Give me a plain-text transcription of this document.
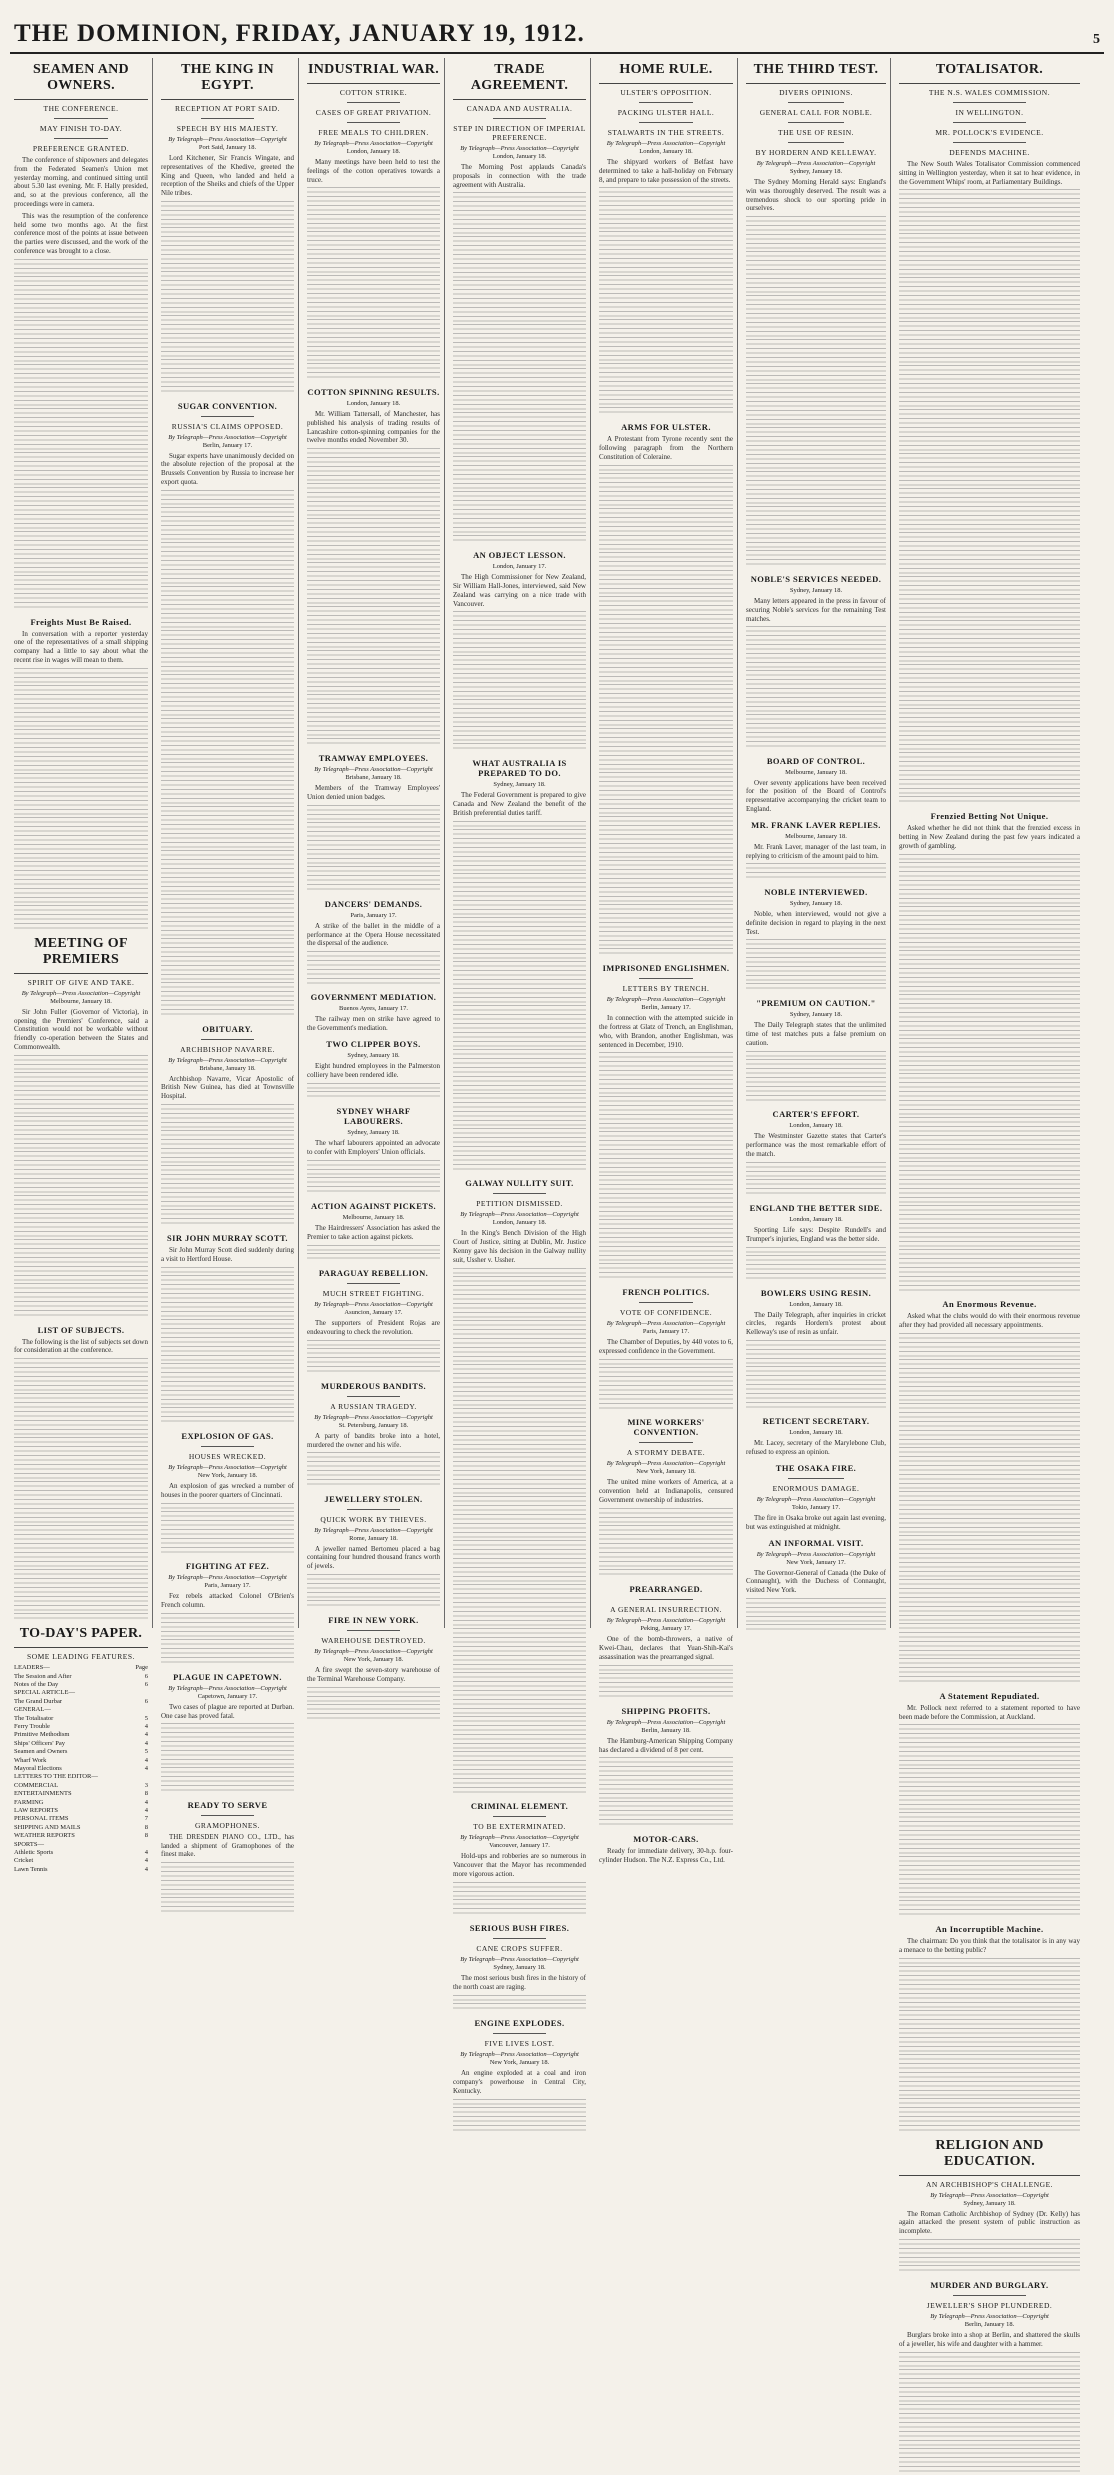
THE DOMINION, FRIDAY, JANUARY 19, 1912.	5
SEAMEN AND OWNERS.
THE CONFERENCE.
MAY FINISH TO-DAY.
PREFERENCE GRANTED.

The conference of shipowners and delegates from the Federated Seamen's Union met yesterday morning, and continued sitting until about 5.30 last evening. Mr. F. Hally presided, and, so at the previous conference, all the proceedings were in camera.

This was the resumption of the conference held some two months ago. At the first conference most of the points at issue between the parties were discussed, and the work of the conference was brought to a close.

Freights Must Be Raised.

In conversation with a reporter yesterday one of the representatives of a small shipping company had a little to say about what the recent rise in wages will mean to them.

MEETING OF PREMIERS
SPIRIT OF GIVE AND TAKE.
By Telegraph—Press Association—Copyright
Melbourne, January 18.

Sir John Fuller (Governor of Victoria), in opening the Premiers' Conference, said a Constitution would not be workable without friendly co-operation between the States and Commonwealth.

LIST OF SUBJECTS.

The following is the list of subjects set down for consideration at the conference.

TO-DAY'S PAPER.
SOME LEADING FEATURES.
LEADERS—	Page
The Session and After	6
Notes of the Day	6
SPECIAL ARTICLE—
The Grand Durbar	6
GENERAL—
The Totalisator	5
Ferry Trouble	4
Primitive Methodism	4
Ships' Officers' Pay	4
Seamen and Owners	5
Wharf Work	4
Mayoral Elections	4
LETTERS TO THE EDITOR—
COMMERCIAL	3
ENTERTAINMENTS	8
FARMING	4
LAW REPORTS	4
PERSONAL ITEMS	7
SHIPPING AND MAILS	8
WEATHER REPORTS	8
SPORTS—
Athletic Sports	4
Cricket	4
Lawn Tennis	4
THE KING IN EGYPT.
RECEPTION AT PORT SAID.
SPEECH BY HIS MAJESTY.
By Telegraph—Press Association—Copyright
Port Said, January 18.

Lord Kitchener, Sir Francis Wingate, and representatives of the Khedive, greeted the King and Queen, who landed and held a reception of the Sheiks and chiefs of the Upper Nile tribes.

SUGAR CONVENTION.
RUSSIA'S CLAIMS OPPOSED.
By Telegraph—Press Association—Copyright
Berlin, January 17.

Sugar experts have unanimously decided on the absolute rejection of the proposal at the Brussels Convention by Russia to increase her export quota.

OBITUARY.
ARCHBISHOP NAVARRE.
By Telegraph—Press Association—Copyright
Brisbane, January 18.

Archbishop Navarre, Vicar Apostolic of British New Guinea, has died at Townsville Hospital.

SIR JOHN MURRAY SCOTT.

Sir John Murray Scott died suddenly during a visit to Hertford House.

EXPLOSION OF GAS.
HOUSES WRECKED.
By Telegraph—Press Association—Copyright
New York, January 18.

An explosion of gas wrecked a number of houses in the poorer quarters of Cincinnati.

FIGHTING AT FEZ.
By Telegraph—Press Association—Copyright
Paris, January 17.

Fez rebels attacked Colonel O'Brien's French column.

PLAGUE IN CAPETOWN.
By Telegraph—Press Association—Copyright
Capetown, January 17.

Two cases of plague are reported at Durban. One case has proved fatal.

READY TO SERVE
GRAMOPHONES.

THE DRESDEN PIANO CO., LTD., has landed a shipment of Gramophones of the finest make.

INDUSTRIAL WAR.
COTTON STRIKE.
CASES OF GREAT PRIVATION.
FREE MEALS TO CHILDREN.
By Telegraph—Press Association—Copyright
London, January 18.

Many meetings have been held to test the feelings of the cotton operatives towards a truce.

COTTON SPINNING RESULTS.
London, January 18.

Mr. William Tattersall, of Manchester, has published his analysis of trading results of Lancashire cotton-spinning companies for the twelve months ended November 30.

TRAMWAY EMPLOYEES.
By Telegraph—Press Association—Copyright
Brisbane, January 18.

Members of the Tramway Employees' Union denied union badges.

DANCERS' DEMANDS.
Paris, January 17.

A strike of the ballet in the middle of a performance at the Opera House necessitated the dispersal of the audience.

GOVERNMENT MEDIATION.
Buenos Ayres, January 17.

The railway men on strike have agreed to the Government's mediation.

TWO CLIPPER BOYS.
Sydney, January 18.

Eight hundred employees in the Palmerston colliery have been rendered idle.

SYDNEY WHARF LABOURERS.
Sydney, January 18.

The wharf labourers appointed an advocate to confer with Employers' Union officials.

ACTION AGAINST PICKETS.
Melbourne, January 18.

The Hairdressers' Association has asked the Premier to take action against pickets.

PARAGUAY REBELLION.
MUCH STREET FIGHTING.
By Telegraph—Press Association—Copyright
Asuncion, January 17.

The supporters of President Rojas are endeavouring to check the revolution.

MURDEROUS BANDITS.
A RUSSIAN TRAGEDY.
By Telegraph—Press Association—Copyright
St. Petersburg, January 18.

A party of bandits broke into a hotel, murdered the owner and his wife.

JEWELLERY STOLEN.
QUICK WORK BY THIEVES.
By Telegraph—Press Association—Copyright
Rome, January 18.

A jeweller named Bertomeu placed a bag containing four hundred thousand francs worth of jewels.

FIRE IN NEW YORK.
WAREHOUSE DESTROYED.
By Telegraph—Press Association—Copyright
New York, January 18.

A fire swept the seven-story warehouse of the Terminal Warehouse Company.

TRADE AGREEMENT.
CANADA AND AUSTRALIA.
STEP IN DIRECTION OF IMPERIAL PREFERENCE.
By Telegraph—Press Association—Copyright
London, January 18.

The Morning Post applauds Canada's proposals in connection with the trade agreement with Australia.

AN OBJECT LESSON.
London, January 17.

The High Commissioner for New Zealand, Sir William Hall-Jones, interviewed, said New Zealand was carrying on a nice trade with Vancouver.

WHAT AUSTRALIA IS PREPARED TO DO.
Sydney, January 18.

The Federal Government is prepared to give Canada and New Zealand the benefit of the British preferential duties tariff.

GALWAY NULLITY SUIT.
PETITION DISMISSED.
By Telegraph—Press Association—Copyright
London, January 18.

In the King's Bench Division of the High Court of Justice, sitting at Dublin, Mr. Justice Kenny gave his decision in the Galway nullity suit, Ussher v. Ussher.

CRIMINAL ELEMENT.
TO BE EXTERMINATED.
By Telegraph—Press Association—Copyright
Vancouver, January 17.

Hold-ups and robberies are so numerous in Vancouver that the Mayor has recommended more vigorous action.

SERIOUS BUSH FIRES.
CANE CROPS SUFFER.
By Telegraph—Press Association—Copyright
Sydney, January 18.

The most serious bush fires in the history of the north coast are raging.

ENGINE EXPLODES.
FIVE LIVES LOST.
By Telegraph—Press Association—Copyright
New York, January 18.

An engine exploded at a coal and iron company's powerhouse in Central City, Kentucky.

HOME RULE.
ULSTER'S OPPOSITION.
PACKING ULSTER HALL.
STALWARTS IN THE STREETS.
By Telegraph—Press Association—Copyright
London, January 18.

The shipyard workers of Belfast have determined to take a hall-holiday on February 8, and prepare to take possession of the streets.

ARMS FOR ULSTER.

A Protestant from Tyrone recently sent the following paragraph from the Northern Constitution of Coleraine.

IMPRISONED ENGLISHMEN.
LETTERS BY TRENCH.
By Telegraph—Press Association—Copyright
Berlin, January 17.

In connection with the attempted suicide in the fortress at Glatz of Trench, an Englishman, who, with Brandon, another Englishman, was sentenced in December, 1910.

FRENCH POLITICS.
VOTE OF CONFIDENCE.
By Telegraph—Press Association—Copyright
Paris, January 17.

The Chamber of Deputies, by 440 votes to 6, expressed confidence in the Government.

MINE WORKERS' CONVENTION.
A STORMY DEBATE.
By Telegraph—Press Association—Copyright
New York, January 18.

The united mine workers of America, at a convention held at Indianapolis, censured Government ownership of industries.

PREARRANGED.
A GENERAL INSURRECTION.
By Telegraph—Press Association—Copyright
Peking, January 17.

One of the bomb-throwers, a native of Kwei-Chau, declares that Yuan-Shih-Kai's assassination was the prearranged signal.

SHIPPING PROFITS.
By Telegraph—Press Association—Copyright
Berlin, January 18.

The Hamburg-American Shipping Company has declared a dividend of 8 per cent.

MOTOR-CARS.

Ready for immediate delivery, 30-h.p. four-cylinder Hudson. The N.Z. Express Co., Ltd.

THE THIRD TEST.
DIVERS OPINIONS.
GENERAL CALL FOR NOBLE.
THE USE OF RESIN.
BY HORDERN AND KELLEWAY.
By Telegraph—Press Association—Copyright
Sydney, January 18.

The Sydney Morning Herald says: England's win was thoroughly deserved. The result was a tremendous shock to our sporting pride in ourselves.

NOBLE'S SERVICES NEEDED.
Sydney, January 18.

Many letters appeared in the press in favour of securing Noble's services for the remaining Test matches.

BOARD OF CONTROL.
Melbourne, January 18.

Over seventy applications have been received for the position of the Board of Control's representative accompanying the cricket team to England.

MR. FRANK LAVER REPLIES.
Melbourne, January 18.

Mr. Frank Laver, manager of the last team, in replying to criticism of the amount paid to him.

NOBLE INTERVIEWED.
Sydney, January 18.

Noble, when interviewed, would not give a definite decision in regard to playing in the next Test.

"PREMIUM ON CAUTION."
Sydney, January 18.

The Daily Telegraph states that the unlimited time of test matches puts a false premium on caution.

CARTER'S EFFORT.
London, January 18.

The Westminster Gazette states that Carter's performance was the most remarkable effort of the match.

ENGLAND THE BETTER SIDE.
London, January 18.

Sporting Life says: Despite Rundell's and Trumper's injuries, England was the better side.

BOWLERS USING RESIN.
London, January 18.

The Daily Telegraph, after inquiries in cricket circles, regards Hordern's protest about Kelleway's use of resin as unfair.

RETICENT SECRETARY.
London, January 18.

Mr. Lacey, secretary of the Marylebone Club, refused to express an opinion.

THE OSAKA FIRE.
ENORMOUS DAMAGE.
By Telegraph—Press Association—Copyright
Tokio, January 17.

The fire in Osaka broke out again last evening, but was extinguished at midnight.

AN INFORMAL VISIT.
By Telegraph—Press Association—Copyright
New York, January 17.

The Governor-General of Canada (the Duke of Connaught), with the Duchess of Connaught, visited New York.

TOTALISATOR.
THE N.S. WALES COMMISSION.
IN WELLINGTON.
MR. POLLOCK'S EVIDENCE.
DEFENDS MACHINE.

The New South Wales Totalisator Commission commenced sitting in Wellington yesterday, when it sat to hear evidence, in the Government Whips' room, at Parliamentary Buildings.

Frenzied Betting Not Unique.

Asked whether he did not think that the frenzied excess in betting in New Zealand during the past few years indicated a growth of gambling.

An Enormous Revenue.

Asked what the clubs would do with their enormous revenue after they had provided all necessary appointments.

A Statement Repudiated.

Mr. Pollock next referred to a statement reported to have been made before the Commission, at Auckland.

An Incorruptible Machine.

The chairman: Do you think that the totalisator is in any way a menace to the betting public?

RELIGION AND EDUCATION.
AN ARCHBISHOP'S CHALLENGE.
By Telegraph—Press Association—Copyright
Sydney, January 18.

The Roman Catholic Archbishop of Sydney (Dr. Kelly) has again attacked the present system of public instruction as incomplete.

MURDER AND BURGLARY.
JEWELLER'S SHOP PLUNDERED.
By Telegraph—Press Association—Copyright
Berlin, January 18.

Burglars broke into a shop at Berlin, and shattered the skulls of a jeweller, his wife and daughter with a hammer.
